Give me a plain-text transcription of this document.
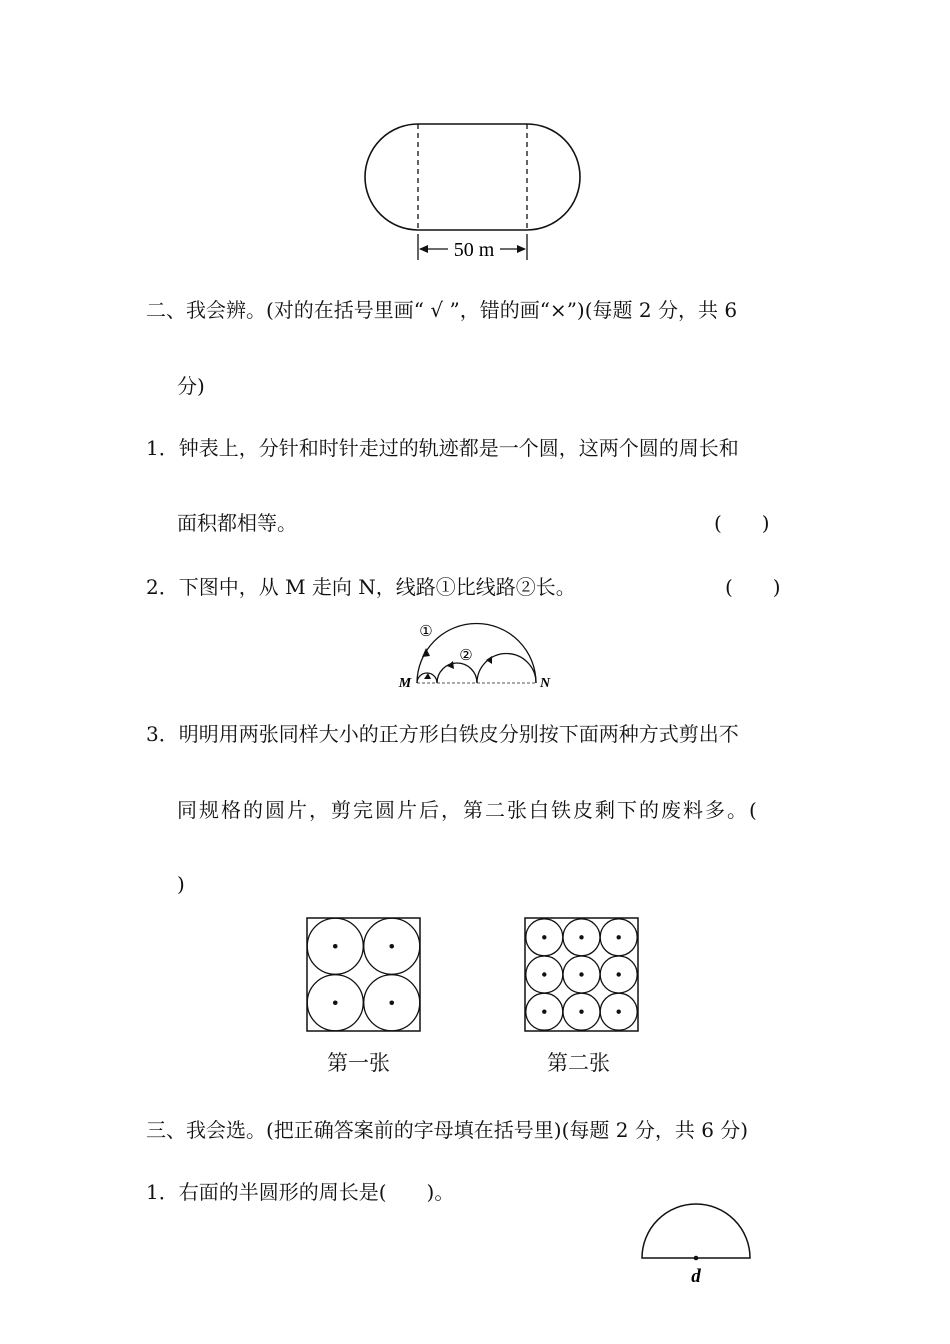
50 m
二、我会辨。(对的在括号里画“ √ ”，错的画“×”)(每题 2 分，共 6
分)
1．钟表上，分针和时针走过的轨迹都是一个圆，这两个圆的周长和
面积都相等。	(　　)
2．下图中，从 M 走向 N，线路①比线路②长。	(　　)
①
②
M	N
3．明明用两张同样大小的正方形白铁皮分别按下面两种方式剪出不
同规格的圆片，剪完圆片后，第二张白铁皮剩下的废料多。(
)
第一张	第二张
三、我会选。(把正确答案前的字母填在括号里)(每题 2 分，共 6 分)
1．右面的半圆形的周长是(　　)。
d
